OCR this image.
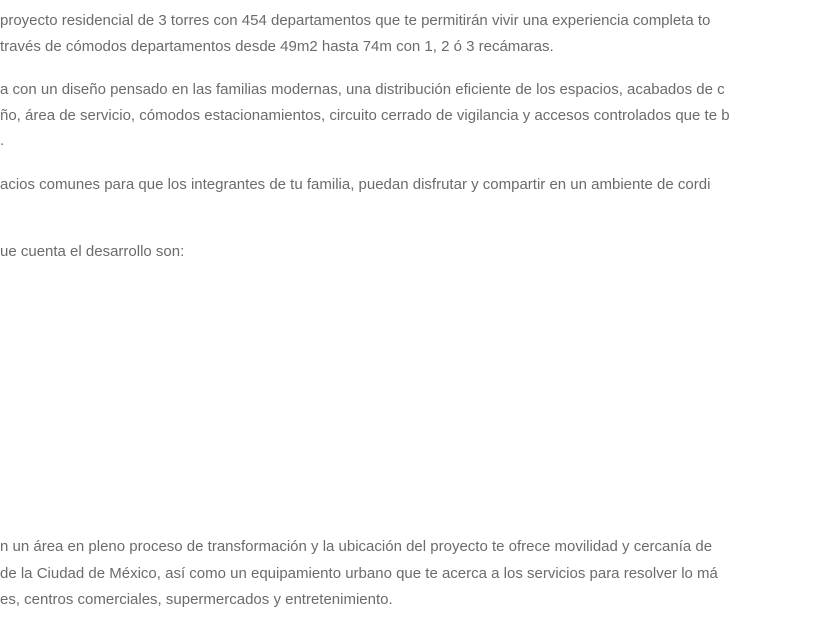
proyecto residencial de 3 torres con 454 departamentos que te permitirán vivir una experiencia completa to

través de cómodos departamentos desde 49m2 hasta 74m con 1, 2 ó 3 recámaras.

a con un diseño pensado en las familias modernas, una distribución eficiente de los espacios, acabados de c

ño, área de servicio, cómodos estacionamientos, circuito cerrado de vigilancia y accesos controlados que te b

.

acios comunes para que los integrantes de tu familia, puedan disfrutar y compartir en un ambiente de cordi

ue cuenta el desarrollo son:

n un área en pleno proceso de transformación y la ubicación del proyecto te ofrece movilidad y cercanía de

de la Ciudad de México, así como un equipamiento urbano que te acerca a los servicios para resolver lo má

es, centros comerciales, supermercados y entretenimiento.
